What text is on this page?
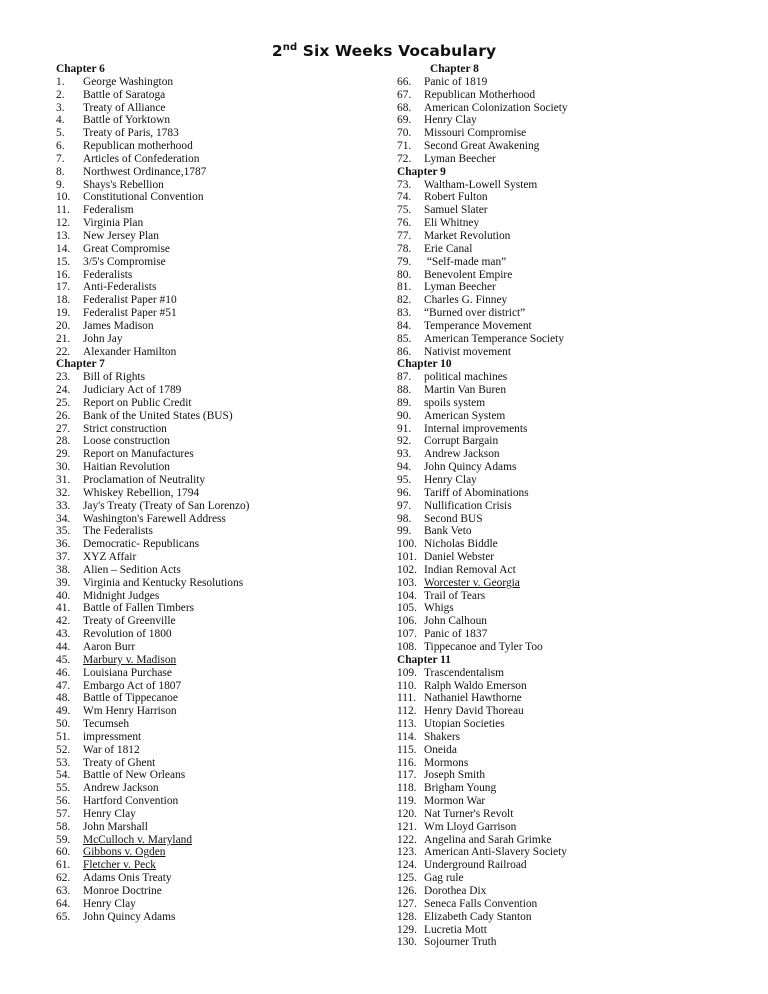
2nd Six Weeks Vocabulary
Chapter 6
1. George Washington
2. Battle of Saratoga
3. Treaty of Alliance
4. Battle of Yorktown
5. Treaty of Paris, 1783
6. Republican motherhood
7. Articles of Confederation
8. Northwest Ordinance,1787
9. Shays's Rebellion
10. Constitutional Convention
11. Federalism
12. Virginia Plan
13. New Jersey Plan
14. Great Compromise
15. 3/5's Compromise
16. Federalists
17. Anti-Federalists
18. Federalist Paper #10
19. Federalist Paper #51
20. James Madison
21. John Jay
22. Alexander Hamilton
Chapter 7
23. Bill of Rights
24. Judiciary Act of 1789
25. Report on Public Credit
26. Bank of the United States (BUS)
27. Strict construction
28. Loose construction
29. Report on Manufactures
30. Haitian Revolution
31. Proclamation of Neutrality
32. Whiskey Rebellion, 1794
33. Jay's Treaty (Treaty of San Lorenzo)
34. Washington's Farewell Address
35. The Federalists
36. Democratic- Republicans
37. XYZ Affair
38. Alien – Sedition Acts
39. Virginia and Kentucky Resolutions
40. Midnight Judges
41. Battle of Fallen Timbers
42. Treaty of Greenville
43. Revolution of 1800
44. Aaron Burr
45. Marbury v. Madison
46. Louisiana Purchase
47. Embargo Act of 1807
48. Battle of Tippecanoe
49. Wm Henry Harrison
50. Tecumseh
51. impressment
52. War of 1812
53. Treaty of Ghent
54. Battle of New Orleans
55. Andrew Jackson
56. Hartford Convention
57. Henry Clay
58. John Marshall
59. McCulloch v. Maryland
60. Gibbons v. Ogden
61. Fletcher v. Peck
62. Adams Onis Treaty
63. Monroe Doctrine
64. Henry Clay
65. John Quincy Adams
Chapter 8
66. Panic of 1819
67. Republican Motherhood
68. American Colonization Society
69. Henry Clay
70. Missouri Compromise
71. Second Great Awakening
72. Lyman Beecher
Chapter 9
73. Waltham-Lowell System
74. Robert Fulton
75. Samuel Slater
76. Eli Whitney
77. Market Revolution
78. Erie Canal
79. “Self-made man”
80. Benevolent Empire
81. Lyman Beecher
82. Charles G. Finney
83. “Burned over district”
84. Temperance Movement
85. American Temperance Society
86. Nativist movement
Chapter 10
87. political machines
88. Martin Van Buren
89. spoils system
90. American System
91. Internal improvements
92. Corrupt Bargain
93. Andrew Jackson
94. John Quincy Adams
95. Henry Clay
96. Tariff of Abominations
97. Nullification Crisis
98. Second BUS
99. Bank Veto
100. Nicholas Biddle
101. Daniel Webster
102. Indian Removal Act
103. Worcester v. Georgia
104. Trail of Tears
105. Whigs
106. John Calhoun
107. Panic of 1837
108. Tippecanoe and Tyler Too
Chapter 11
109. Trascendentalism
110. Ralph Waldo Emerson
111. Nathaniel Hawthorne
112. Henry David Thoreau
113. Utopian Societies
114. Shakers
115. Oneida
116. Mormons
117. Joseph Smith
118. Brigham Young
119. Mormon War
120. Nat Turner's Revolt
121. Wm Lloyd Garrison
122. Angelina and Sarah Grimke
123. American Anti-Slavery Society
124. Underground Railroad
125. Gag rule
126. Dorothea Dix
127. Seneca Falls Convention
128. Elizabeth Cady Stanton
129. Lucretia Mott
130. Sojourner Truth
